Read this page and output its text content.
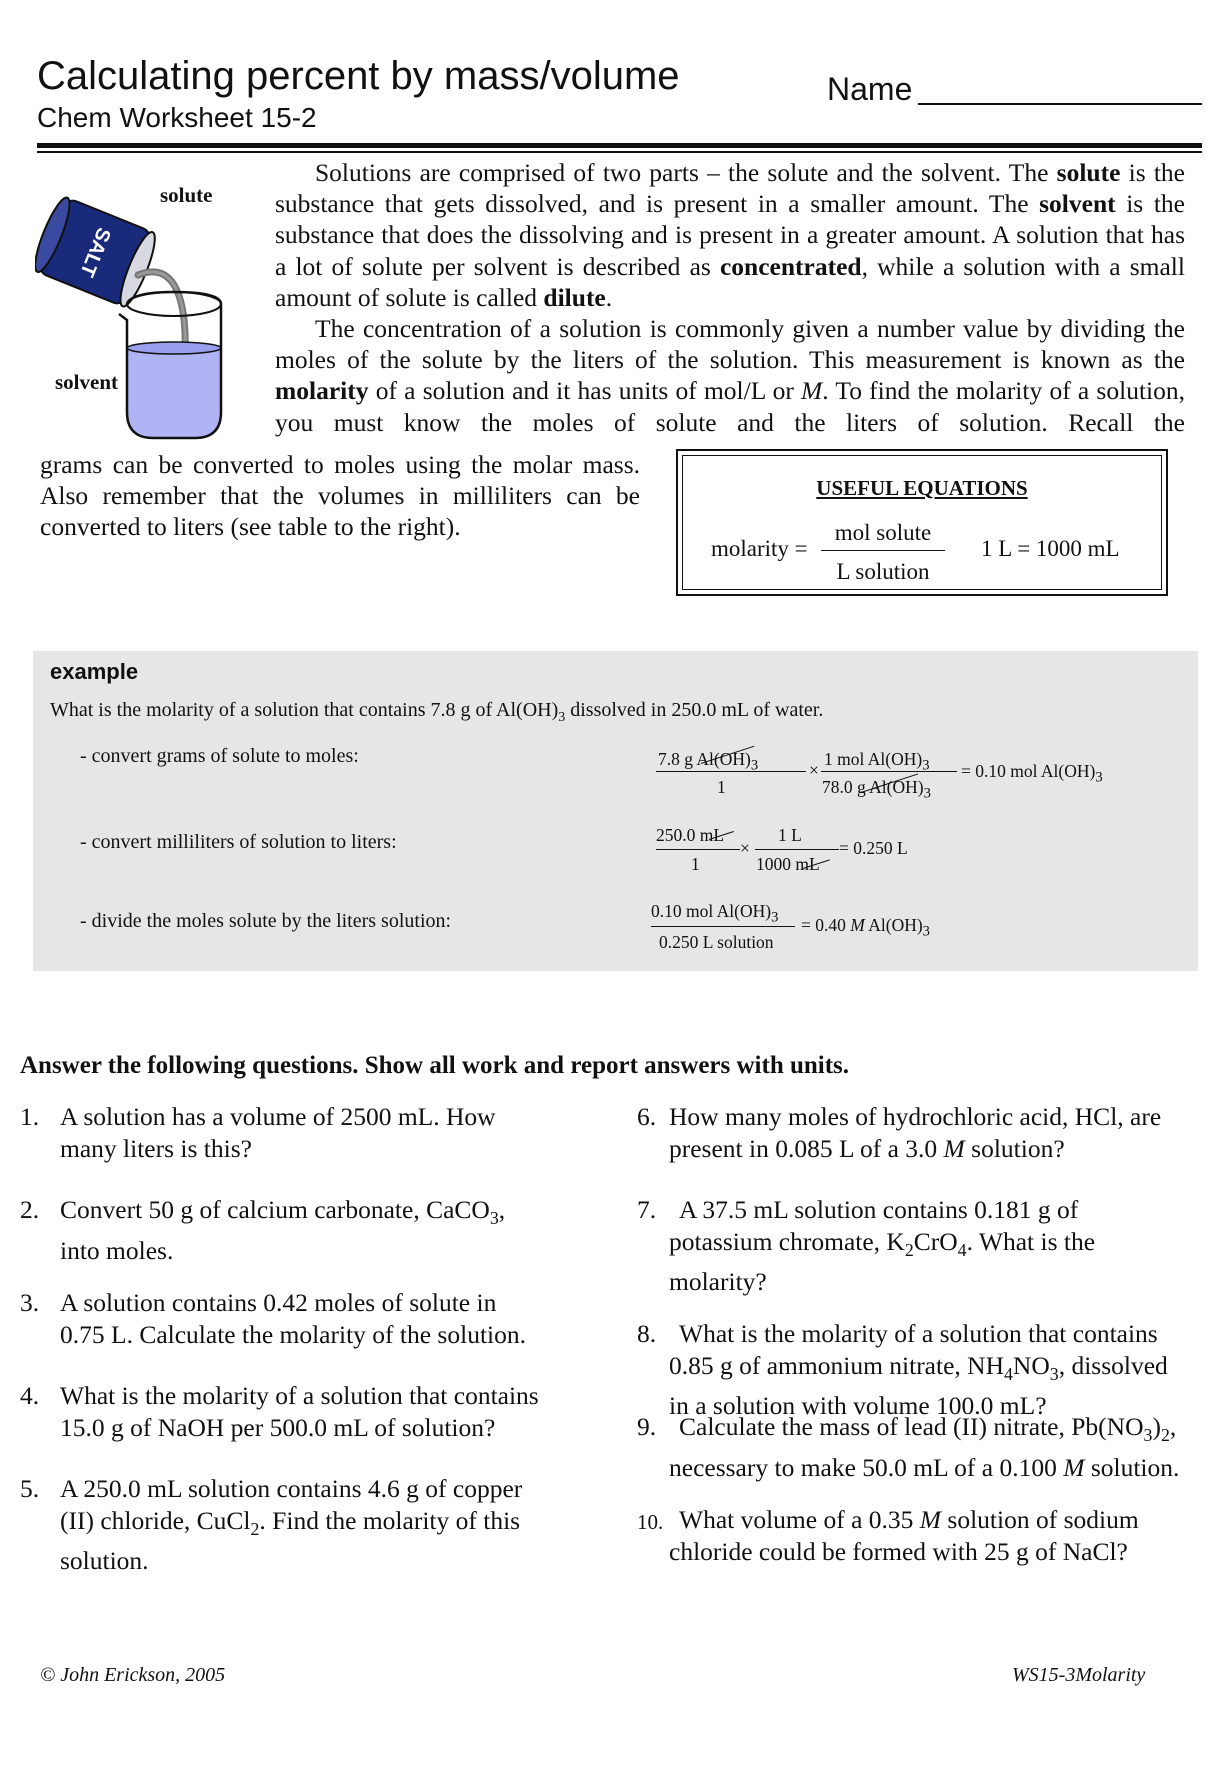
Calculating percent by mass/volume
Chem Worksheet 15-2
Name
SALT
solute
solvent
Solutions are comprised of two parts – the solute and the solvent. The solute is the substance that gets dissolved, and is present in a smaller amount. The solvent is the substance that does the dissolving and is present in a greater amount. A solution that has a lot of solute per solvent is described as concentrated, while a solution with a small amount of solute is called dilute.
The concentration of a solution is commonly given a number value by dividing the moles of the solute by the liters of the solution. This measurement is known as the molarity of a solution and it has units of mol/L or M. To find the molarity of a solution, you must know the moles of solute and the liters of solution. Recall the
grams can be converted to moles using the molar mass. Also remember that the volumes in milliliters can be converted to liters (see table to the right).
USEFUL EQUATIONS
molarity =
mol solute
L solution
1 L = 1000 mL
example
What is the molarity of a solution that contains 7.8 g of $Al(OH)_3$ dissolved in 250.0 mL of water.
- convert grams of solute to moles:
- convert milliliters of solution to liters:
- divide the moles solute by the liters solution:
7.8 g $Al(OH)_3$
1
×
1 mol $Al(OH)_3$
78.0 g $Al(OH)_3$
= 0.10 mol $Al(OH)_3$
250.0 mL
1
×
1 L
1000 mL
= 0.250 L
0.10 mol $Al(OH)_3$
0.250 L solution
= 0.40 M $Al(OH)_3$
Answer the following questions. Show all work and report answers with units.
1. A solution has a volume of 2500 mL. How
many liters is this?
2. Convert 50 g of calcium carbonate, CaCO$_3$,
into moles.
3. A solution contains 0.42 moles of solute in
0.75 L. Calculate the molarity of the solution.
4. What is the molarity of a solution that contains
15.0 g of NaOH per 500.0 mL of solution?
5. A 250.0 mL solution contains 4.6 g of copper
(II) chloride, CuCl$_2$. Find the molarity of this
solution.
6. How many moles of hydrochloric acid, HCl, are
present in 0.085 L of a 3.0 M solution?
7. A 37.5 mL solution contains 0.181 g of
potassium chromate, $K_2CrO_4$. What is the
molarity?
8. What is the molarity of a solution that contains
0.85 g of ammonium nitrate, $NH_4NO_3$, dissolved
in a solution with volume 100.0 mL?
9. Calculate the mass of lead (II) nitrate, $Pb(NO_3)_2$,
necessary to make 50.0 mL of a 0.100 M solution.
10. What volume of a 0.35 M solution of sodium
chloride could be formed with 25 g of NaCl?
© John Erickson, 2005	WS15-3Molarity
